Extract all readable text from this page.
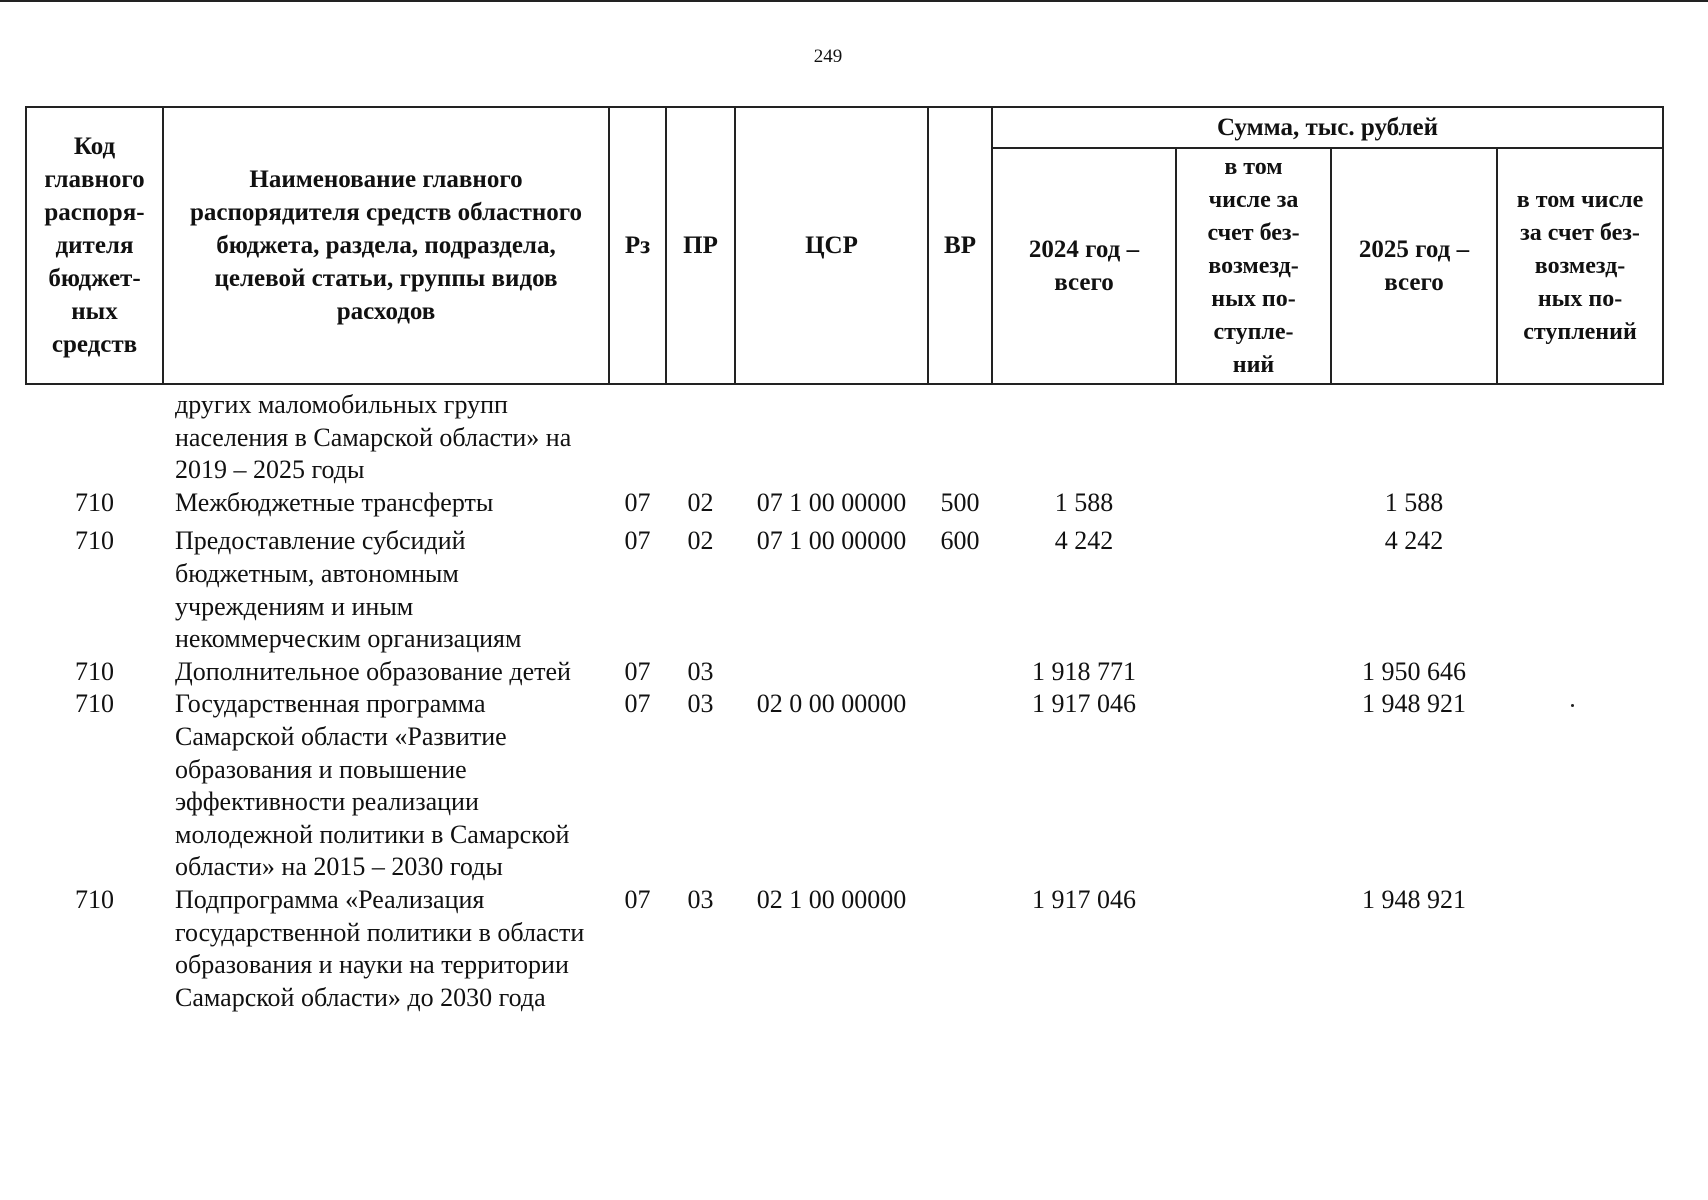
249
Код главного распоря-дителя бюджет-ных средств	Наименование главного распорядителя средств областного бюджета, раздела, подраздела, целевой статьи, группы видов расходов	Рз	ПР	ЦСР	ВР	Сумма, тыс. рублей			
						2024 год – всего	в том числе за счет без-возмезд-ных по-ступле-ний	2025 год – всего	в том числе за счет без-возмезд-ных по-ступлений
	других маломобильных групп населения в Самарской области» на 2019 – 2025 годы								
710	Межбюджетные трансферты	07	02	07 1 00 00000	500	1 588		1 588	
710	Предоставление субсидий бюджетным, автономным учреждениям и иным некоммерческим организациям	07	02	07 1 00 00000	600	4 242		4 242	
710	Дополнительное образование детей	07	03			1 918 771		1 950 646	
710	Государственная программа Самарской области «Развитие образования и повышение эффективности реализации молодежной политики в Самарской области» на 2015 – 2030 годы	07	03	02 0 00 00000		1 917 046		1 948 921	
710	Подпрограмма «Реализация государственной политики в области образования и науки на территории Самарской области» до 2030 года	07	03	02 1 00 00000		1 917 046		1 948 921	
